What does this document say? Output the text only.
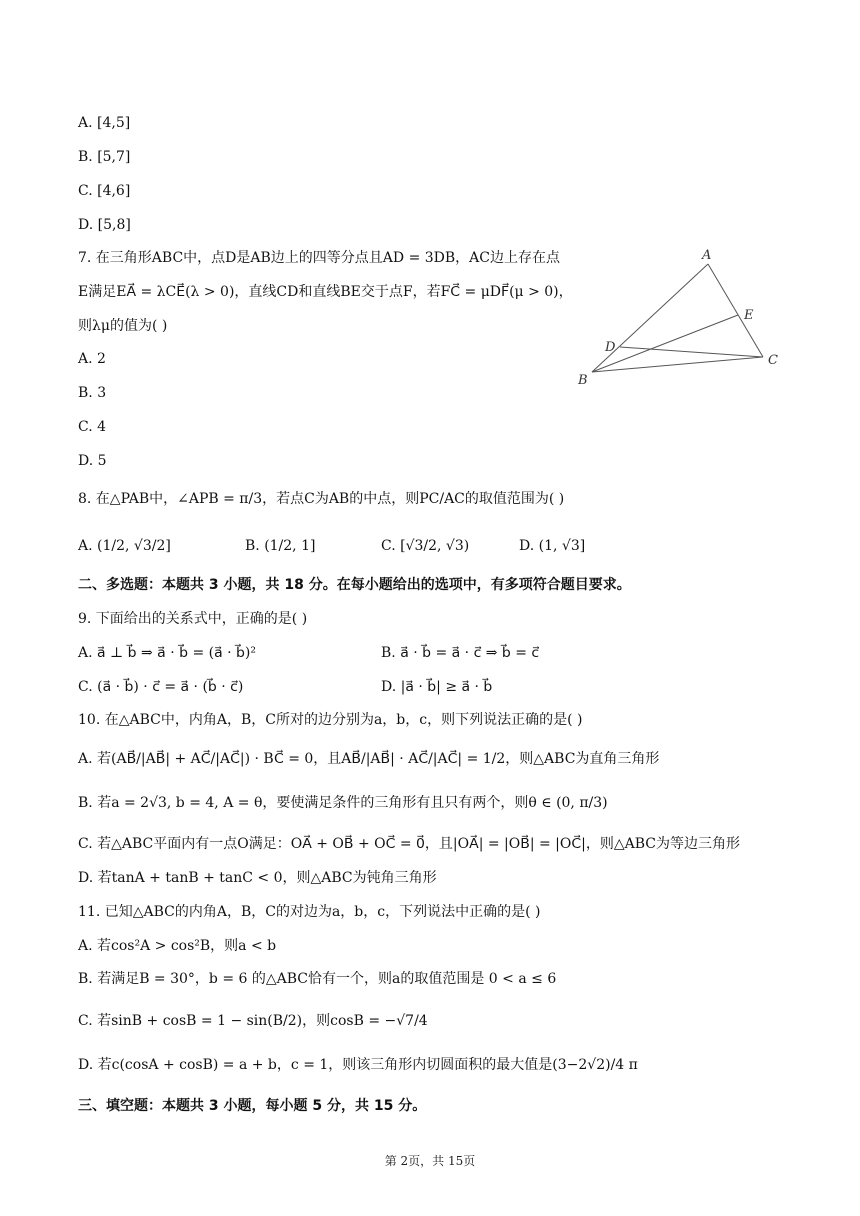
A. [4,5]
B. [5,7]
C. [4,6]
D. [5,8]
7. 在三角形ABC中，点D是AB边上的四等分点且AD = 3DB，AC边上存在点
E满足EA⃗ = λCE⃗(λ > 0)，直线CD和直线BE交于点F，若FC⃗ = μDF⃗(μ > 0)，
则λμ的值为( )
A. 2
B. 3
C. 4
D. 5
A
E
D
C
B
8. 在△PAB中，∠APB = π/3，若点C为AB的中点，则PC/AC的取值范围为( )
A. (1/2, √3/2]	B. (1/2, 1]	C. [√3/2, √3)	D. (1, √3]
二、多选题：本题共 3 小题，共 18 分。在每小题给出的选项中，有多项符合题目要求。
9. 下面给出的关系式中，正确的是( )
A. a⃗ ⊥ b⃗ ⇒ a⃗ · b⃗ = (a⃗ · b⃗)²	B. a⃗ · b⃗ = a⃗ · c⃗ ⇒ b⃗ = c⃗
C. (a⃗ · b⃗) · c⃗ = a⃗ · (b⃗ · c⃗)	D. |a⃗ · b⃗| ≥ a⃗ · b⃗
10. 在△ABC中，内角A，B，C所对的边分别为a，b，c，则下列说法正确的是( )
A. 若(AB⃗/|AB⃗| + AC⃗/|AC⃗|) · BC⃗ = 0，且AB⃗/|AB⃗| · AC⃗/|AC⃗| = 1/2，则△ABC为直角三角形
B. 若a = 2√3, b = 4, A = θ，要使满足条件的三角形有且只有两个，则θ ∈ (0, π/3)
C. 若△ABC平面内有一点O满足：OA⃗ + OB⃗ + OC⃗ = 0⃗，且|OA⃗| = |OB⃗| = |OC⃗|，则△ABC为等边三角形
D. 若tanA + tanB + tanC < 0，则△ABC为钝角三角形
11. 已知△ABC的内角A，B，C的对边为a，b，c，下列说法中正确的是( )
A. 若cos²A > cos²B，则a < b
B. 若满足B = 30°，b = 6 的△ABC恰有一个，则a的取值范围是 0 < a ≤ 6
C. 若sinB + cosB = 1 − sin(B/2)，则cosB = −√7/4
D. 若c(cosA + cosB) = a + b，c = 1，则该三角形内切圆面积的最大值是(3−2√2)/4 π
三、填空题：本题共 3 小题，每小题 5 分，共 15 分。
第 2页，共 15页
